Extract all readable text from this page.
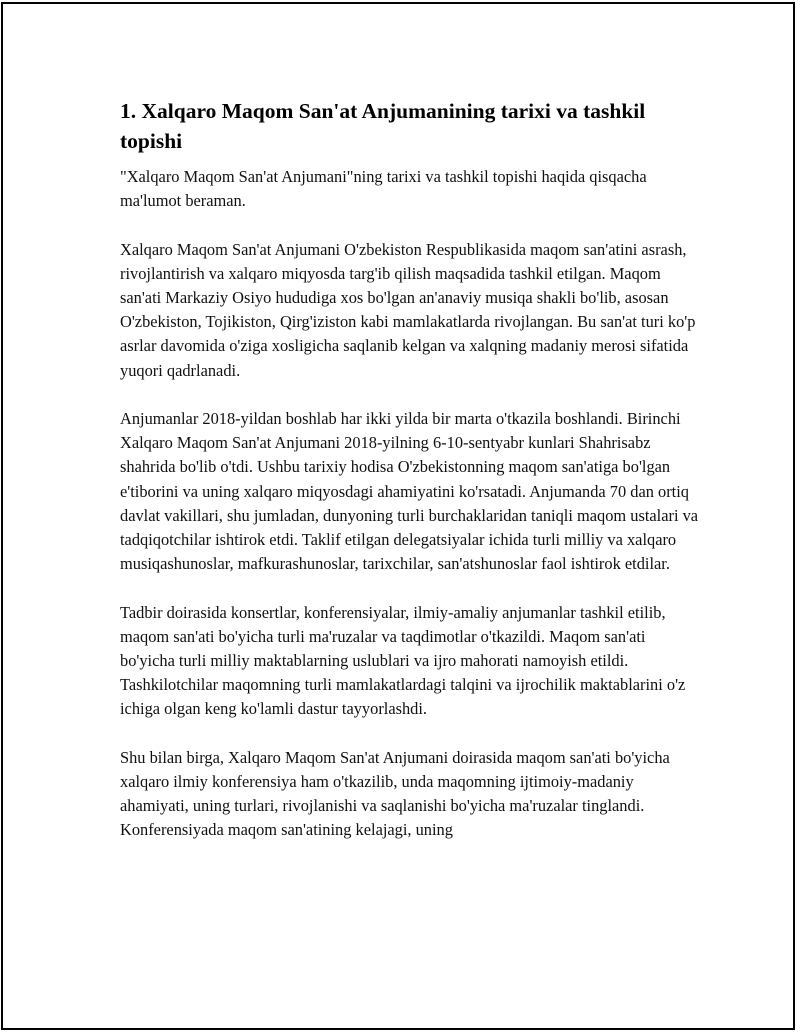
1. Xalqaro Maqom San'at Anjumanining tarixi va tashkil topishi

"Xalqaro Maqom San'at Anjumani"ning tarixi va tashkil topishi haqida qisqacha ma'lumot beraman.

Xalqaro Maqom San'at Anjumani O'zbekiston Respublikasida maqom san'atini asrash, rivojlantirish va xalqaro miqyosda targ'ib qilish maqsadida tashkil etilgan. Maqom san'ati Markaziy Osiyo hududiga xos bo'lgan an'anaviy musiqa shakli bo'lib, asosan O'zbekiston, Tojikiston, Qirg'iziston kabi mamlakatlarda rivojlangan. Bu san'at turi ko'p asrlar davomida o'ziga xosligicha saqlanib kelgan va xalqning madaniy merosi sifatida yuqori qadrlanadi.

Anjumanlar 2018-yildan boshlab har ikki yilda bir marta o'tkazila boshlandi. Birinchi Xalqaro Maqom San'at Anjumani 2018-yilning 6-10-sentyabr kunlari Shahrisabz shahrida bo'lib o'tdi. Ushbu tarixiy hodisa O'zbekistonning maqom san'atiga bo'lgan e'tiborini va uning xalqaro miqyosdagi ahamiyatini ko'rsatadi. Anjumanda 70 dan ortiq davlat vakillari, shu jumladan, dunyoning turli burchaklaridan taniqli maqom ustalari va tadqiqotchilar ishtirok etdi. Taklif etilgan delegatsiyalar ichida turli milliy va xalqaro musiqashunoslar, mafkurashunoslar, tarixchilar, san'atshunoslar faol ishtirok etdilar.

Tadbir doirasida konsertlar, konferensiyalar, ilmiy-amaliy anjumanlar tashkil etilib, maqom san'ati bo'yicha turli ma'ruzalar va taqdimotlar o'tkazildi. Maqom san'ati bo'yicha turli milliy maktablarning uslublari va ijro mahorati namoyish etildi. Tashkilotchilar maqomning turli mamlakatlardagi talqini va ijrochilik maktablarini o'z ichiga olgan keng ko'lamli dastur tayyorlashdi.

Shu bilan birga, Xalqaro Maqom San'at Anjumani doirasida maqom san'ati bo'yicha xalqaro ilmiy konferensiya ham o'tkazilib, unda maqomning ijtimoiy-madaniy ahamiyati, uning turlari, rivojlanishi va saqlanishi bo'yicha ma'ruzalar tinglandi. Konferensiyada maqom san'atining kelajagi, uning
